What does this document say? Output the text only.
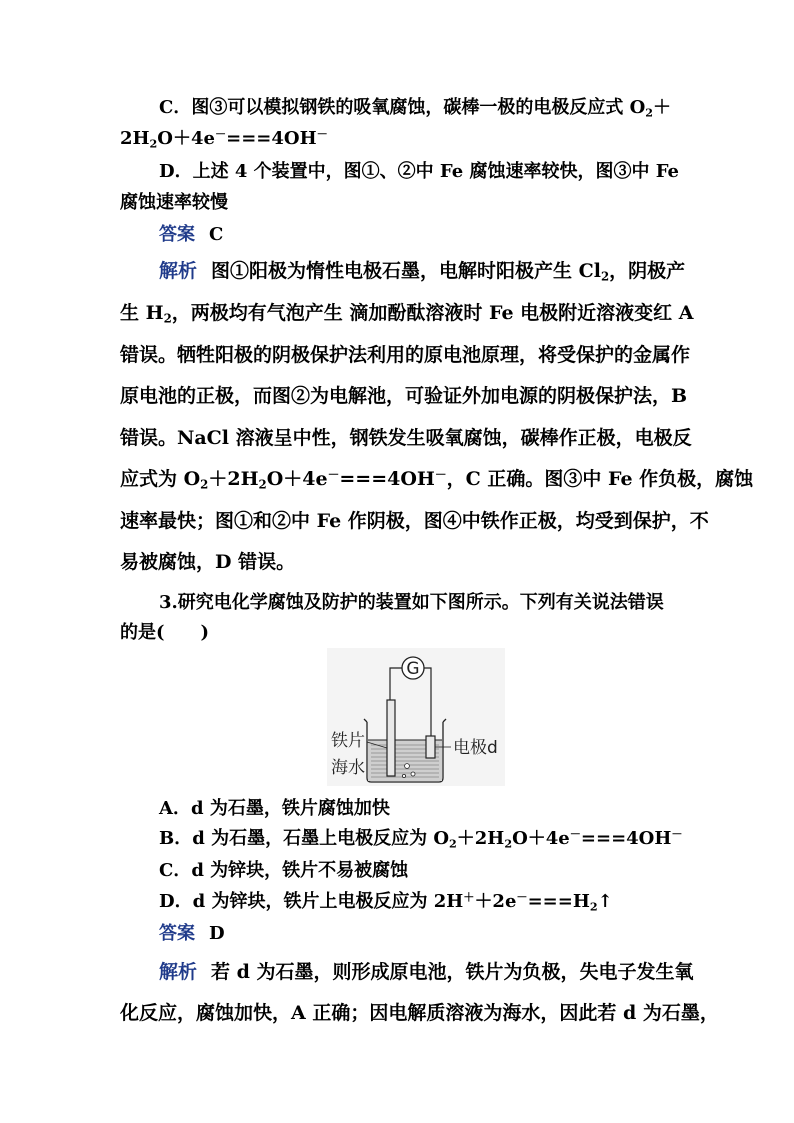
C．图③可以模拟钢铁的吸氧腐蚀，碳棒一极的电极反应式 $O_2+$
$2H_2O+4e^-===4OH^-$
D．上述 4 个装置中，图①、②中 Fe 腐蚀速率较快，图③中 Fe
腐蚀速率较慢
答案 C
解析 图①阳极为惰性电极石墨，电解时阳极产生 $Cl_2$，阴极产
生 $H_2$，两极均有气泡产生 滴加酚酞溶液时 Fe 电极附近溶液变红 A
错误。牺牲阳极的阴极保护法利用的原电池原理，将受保护的金属作
原电池的正极，而图②为电解池，可验证外加电源的阴极保护法，B
错误。NaCl 溶液呈中性，钢铁发生吸氧腐蚀，碳棒作正极，电极反
应式为 $O_2+2H_2O+4e^-===4OH^-$，C 正确。图③中 Fe 作负极，腐蚀
速率最快；图①和②中 Fe 作阴极，图④中铁作正极，均受到保护，不
易被腐蚀，D 错误。
3.研究电化学腐蚀及防护的装置如下图所示。下列有关说法错误
的是(　　)
G
铁片
海水
电极d
A．d 为石墨，铁片腐蚀加快
B．d 为石墨，石墨上电极反应为 $O_2+2H_2O+4e^-===4OH^-$
C．d 为锌块，铁片不易被腐蚀
D．d 为锌块，铁片上电极反应为 $2H^++2e^-===H_2↑$
答案 D
解析 若 d 为石墨，则形成原电池，铁片为负极，失电子发生氧
化反应，腐蚀加快，A 正确；因电解质溶液为海水，因此若 d 为石墨，
